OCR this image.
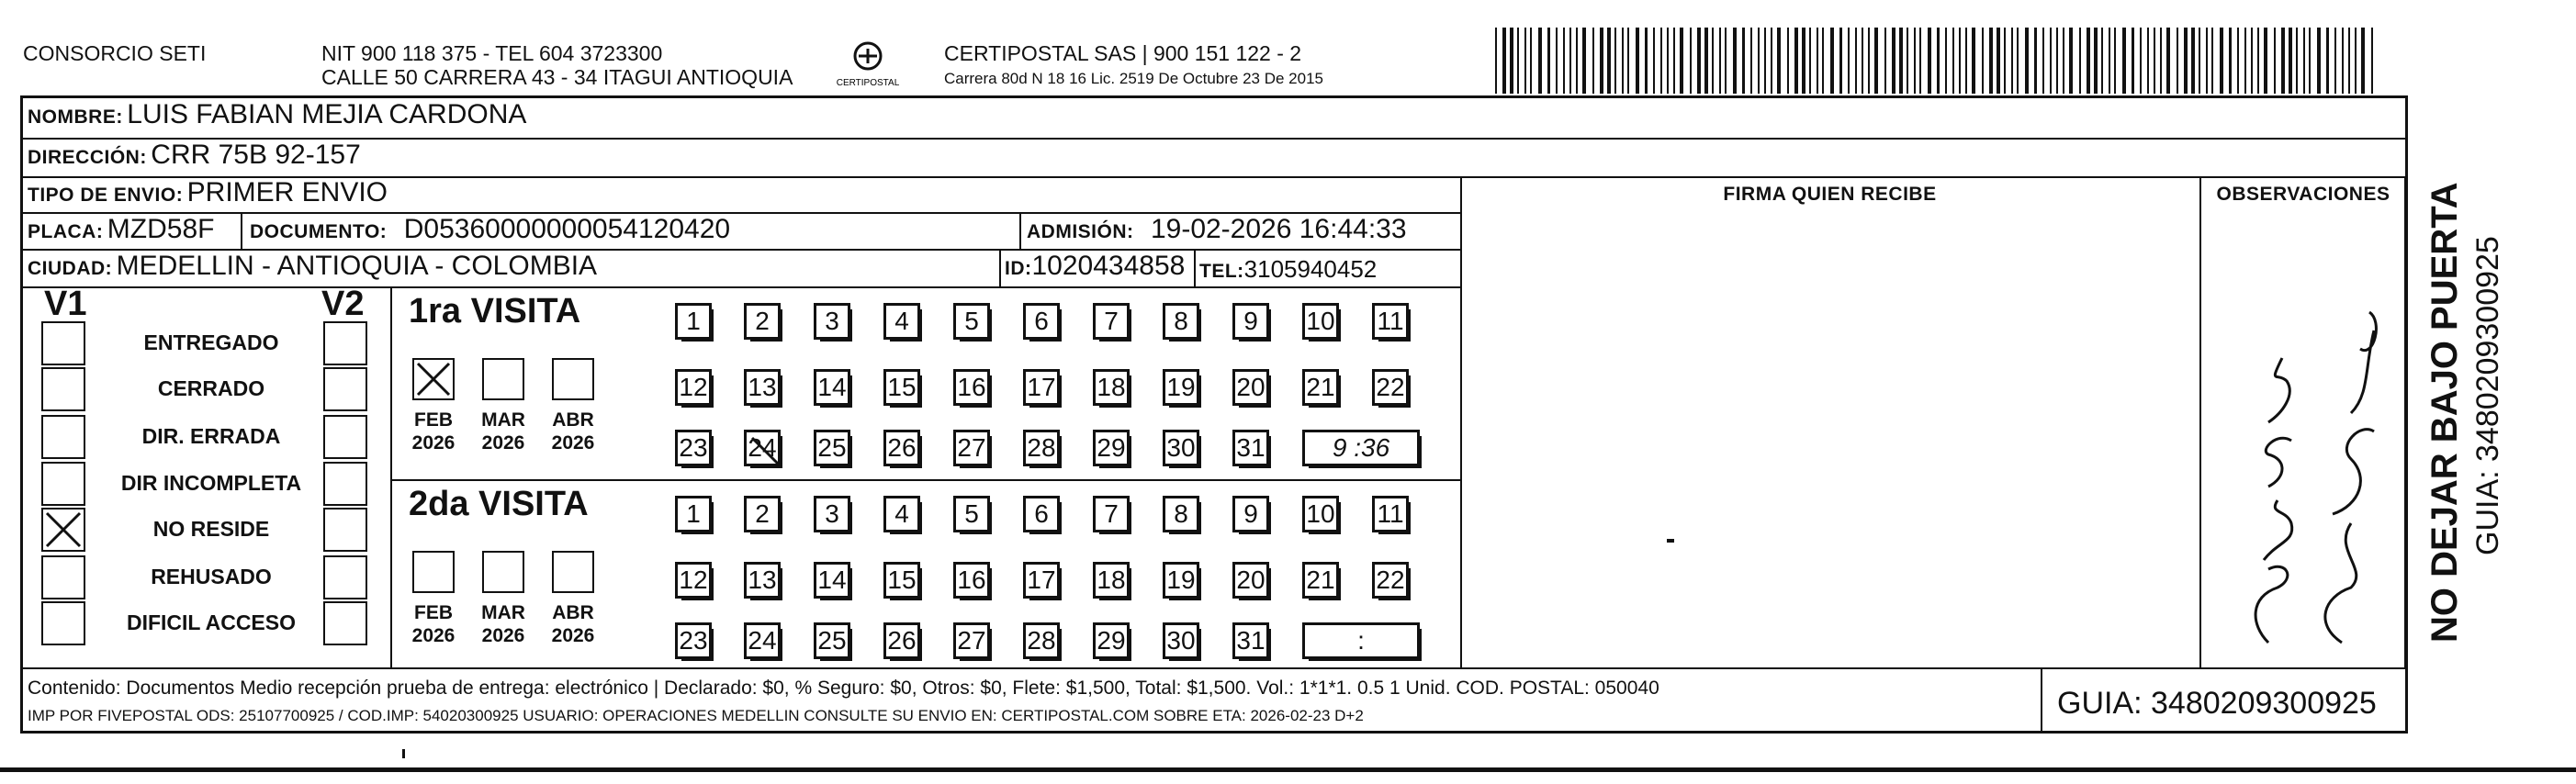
CONSORCIO SETI	NIT 900 118 375 - TEL 604 3723300
CALLE 50 CARRERA 43 - 34 ITAGUI ANTIOQUIA	CERTIPOSTAL
CERTIPOSTAL SAS | 900 151 122 - 2
Carrera 80d N 18 16 Lic. 2519 De Octubre 23 De 2015
NOMBRE: LUIS FABIAN MEJIA CARDONA
DIRECCIÓN: CRR 75B 92-157
TIPO DE ENVIO: PRIMER ENVIO	FIRMA QUIEN RECIBE	OBSERVACIONES
PLACA: MZD58F DOCUMENTO: D05360000000054120420	ADMISIÓN: 19-02-2026 16:44:33
CIUDAD: MEDELLIN - ANTIOQUIA - COLOMBIA	ID:1020434858 TEL:3105940452
V1	V2
ENTREGADO
CERRADO
DIR. ERRADA
DIR INCOMPLETA
NO RESIDE
REHUSADO
DIFICIL ACCESO
1ra VISITA
2da VISITA
FEB
2026
MAR
2026
ABR
2026
FEB
2026
MAR
2026
ABR
2026
1	2	3	4	5	6	7	8	9	10 11
12 13 14 15 16 17 18 19 20 21 22
23 24 25 26 27 28 29 30 31	9 :36
1	2	3	4	5	6	7	8	9	10 11
12 13 14 15 16 17 18 19 20 21 22
23 24 25 26 27 28 29 30 31	:	NO DEJAR BAJO PUERTA GUIA: 3480209300925
Contenido: Documentos Medio recepción prueba de entrega: electrónico | Declarado: $0, % Seguro: $0, Otros: $0, Flete: $1,500, Total: $1,500. Vol.: 1*1*1. 0.5 1 Unid. COD. POSTAL: 050040
IMP POR FIVEPOSTAL ODS: 25107700925 / COD.IMP: 54020300925 USUARIO: OPERACIONES MEDELLIN CONSULTE SU ENVIO EN: CERTIPOSTAL.COM SOBRE ETA: 2026-02-23 D+2	GUIA: 3480209300925
